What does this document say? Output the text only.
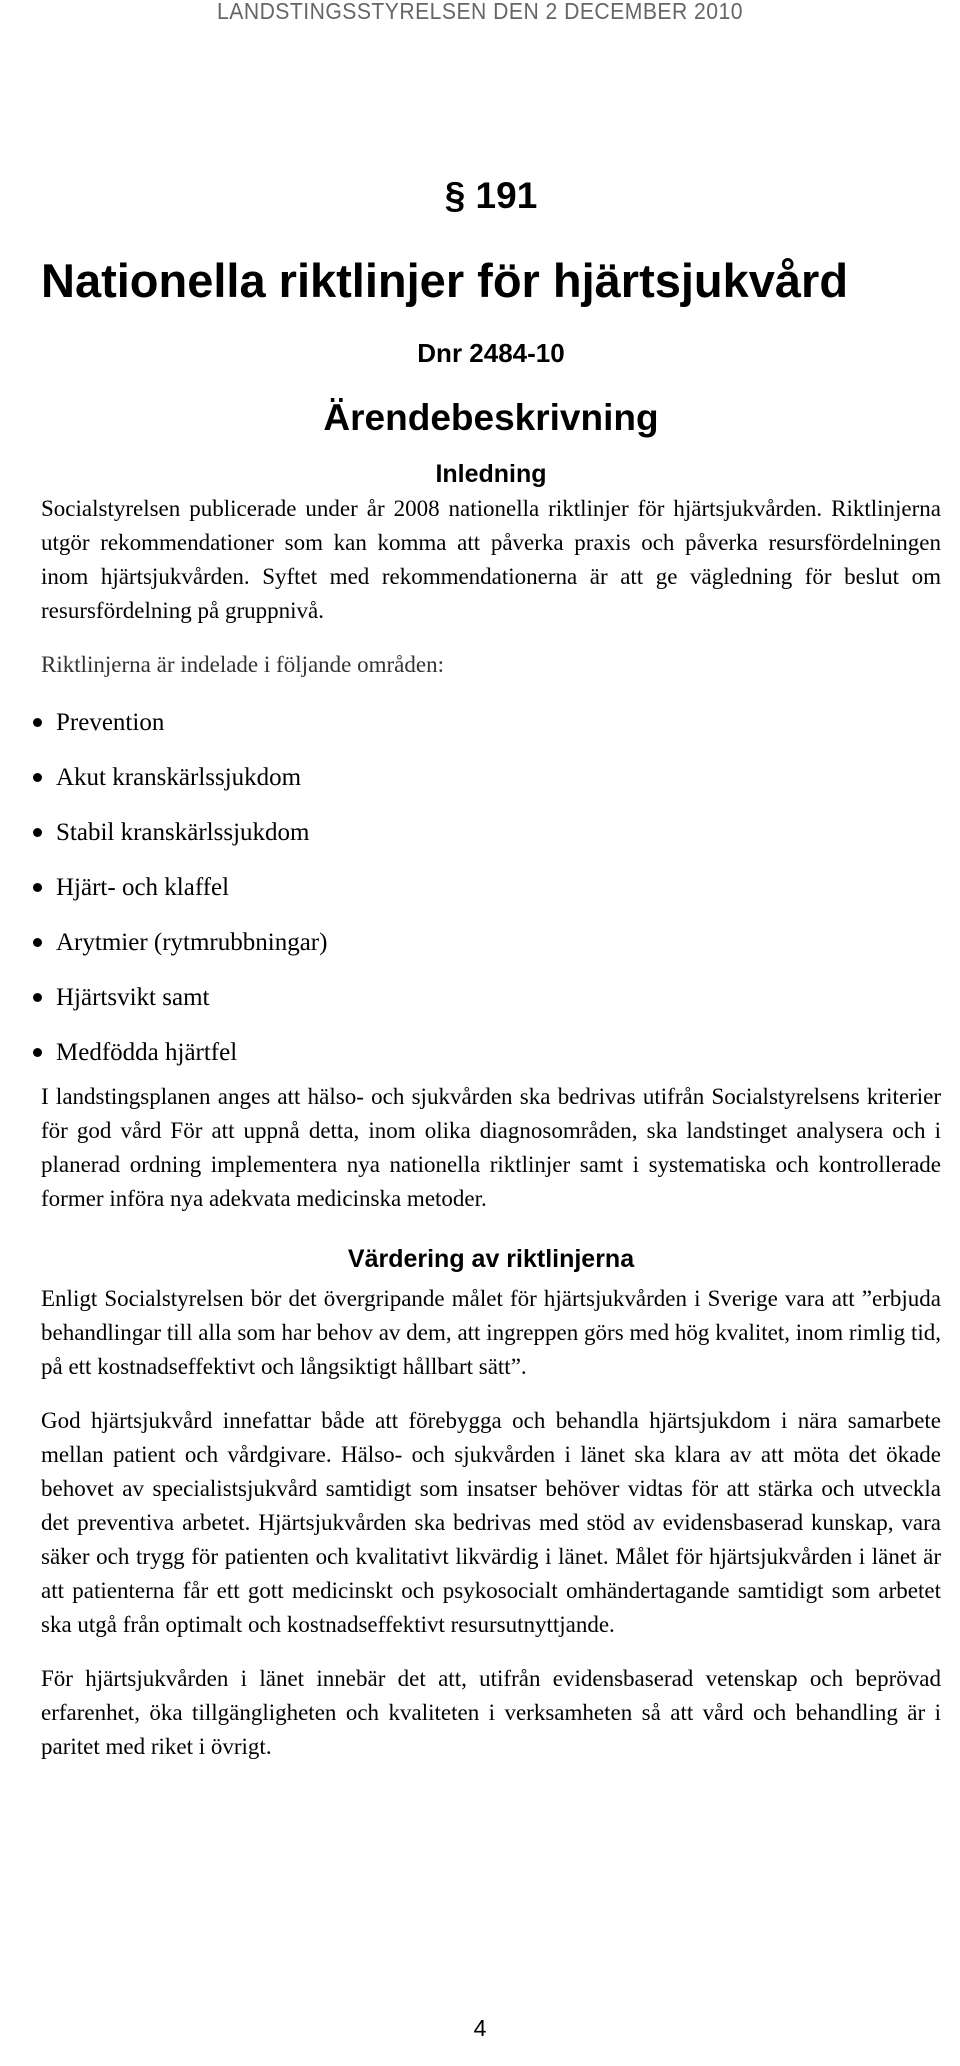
LANDSTINGSSTYRELSEN DEN 2 DECEMBER 2010
§ 191
Nationella riktlinjer för hjärtsjukvård
Dnr 2484-10
Ärendebeskrivning
Inledning

Socialstyrelsen publicerade under år 2008 nationella riktlinjer för hjärtsjukvården. Riktlinjerna utgör rekommendationer som kan komma att påverka praxis och påverka resursfördelningen inom hjärtsjukvården. Syftet med rekommendationerna är att ge vägledning för beslut om resursfördelning på gruppnivå.

Riktlinjerna är indelade i följande områden:

Prevention
Akut kranskärlssjukdom
Stabil kranskärlssjukdom
Hjärt- och klaffel
Arytmier (rytmrubbningar)
Hjärtsvikt samt
Medfödda hjärtfel

I landstingsplanen anges att hälso- och sjukvården ska bedrivas utifrån Socialstyrelsens kriterier för god vård För att uppnå detta, inom olika diagnosområden, ska landstinget analysera och i planerad ordning implementera nya nationella riktlinjer samt i systematiska och kontrollerade former införa nya adekvata medicinska metoder.

Värdering av riktlinjerna

Enligt Socialstyrelsen bör det övergripande målet för hjärtsjukvården i Sverige vara att ”erbjuda behandlingar till alla som har behov av dem, att ingreppen görs med hög kvalitet, inom rimlig tid, på ett kostnadseffektivt och långsiktigt hållbart sätt”.

God hjärtsjukvård innefattar både att förebygga och behandla hjärtsjukdom i nära samarbete mellan patient och vårdgivare. Hälso- och sjukvården i länet ska klara av att möta det ökade behovet av specialistsjukvård samtidigt som insatser behöver vidtas för att stärka och utveckla det preventiva arbetet. Hjärtsjukvården ska bedrivas med stöd av evidensbaserad kunskap, vara säker och trygg för patienten och kvalitativt likvärdig i länet. Målet för hjärtsjukvården i länet är att patienterna får ett gott medicinskt och psykosocialt omhändertagande samtidigt som arbetet ska utgå från optimalt och kostnadseffektivt resursutnyttjande.

För hjärtsjukvården i länet innebär det att, utifrån evidensbaserad vetenskap och beprövad erfarenhet, öka tillgängligheten och kvaliteten i verksamheten så att vård och behandling är i paritet med riket i övrigt.

4
